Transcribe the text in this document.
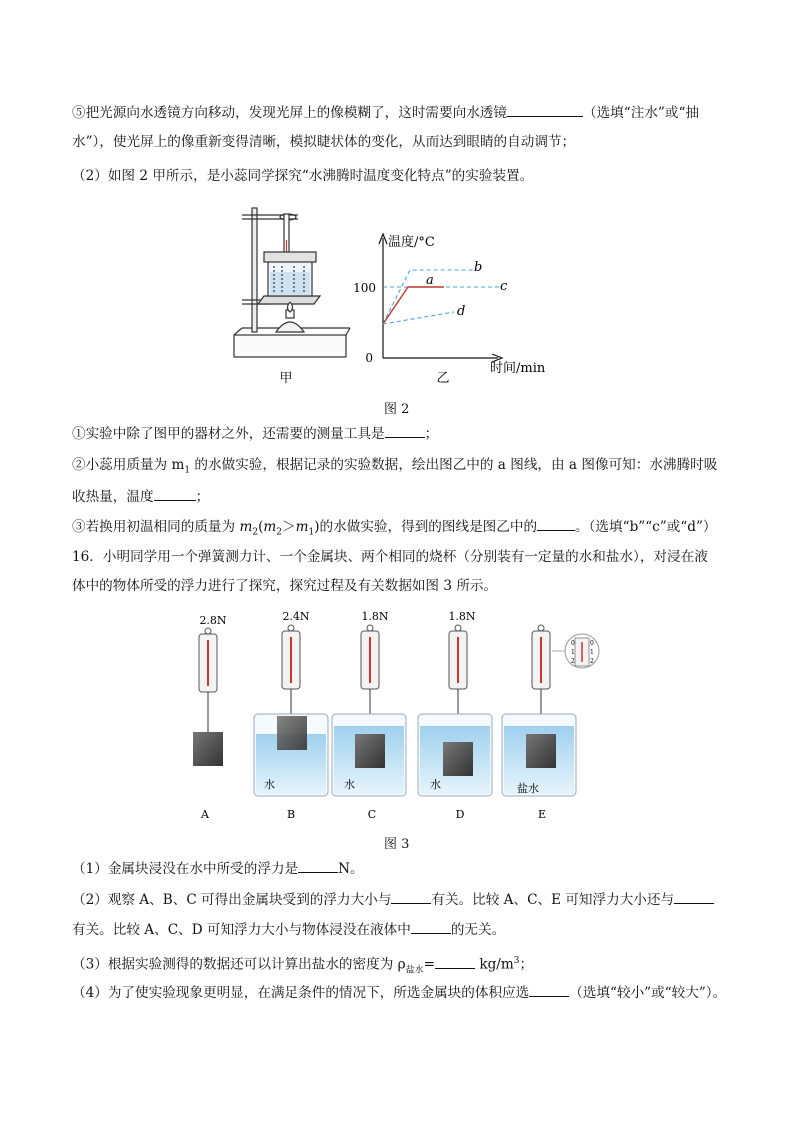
⑤把光源向水透镜方向移动，发现光屏上的像模糊了，这时需要向水透镜	（选填“注水”或“抽
水”），使光屏上的像重新变得清晰，模拟睫状体的变化，从而达到眼睛的自动调节；
（2）如图 2 甲所示，是小蕊同学探究“水沸腾时温度变化特点”的实验装置。
甲
温度/°C
时间/min
100
0
b
a	c
d
乙
图 2
①实验中除了图甲的器材之外，还需要的测量工具是	；
②小蕊用质量为 $m_1$ 的水做实验，根据记录的实验数据，绘出图乙中的 a 图线，由 a 图像可知：水沸腾时吸
收热量，温度	；
③若换用初温相同的质量为 $m_2(m_2>m_1)$的水做实验，得到的图线是图乙中的	。（选填“b”“c”或“d”）
16．小明同学用一个弹簧测力计、一个金属块、两个相同的烧杯（分别装有一定量的水和盐水），对浸在液
体中的物体所受的浮力进行了探究，探究过程及有关数据如图 3 所示。
2.8N
A
2.4N
水
B
1.8N
水
C
1.8N
水
D
0
1
2
0
1
2
盐水
E
图 3
（1）金属块浸没在水中所受的浮力是	N。
（2）观察 A、B、C 可得出金属块受到的浮力大小与	有关。比较 A、C、E 可知浮力大小还与
有关。比较 A、C、D 可知浮力大小与物体浸没在液体中	的无关。
（3）根据实验测得的数据还可以计算出盐水的密度为 $\rho_{盐水}=$	$kg/m^3$；
（4）为了使实验现象更明显，在满足条件的情况下，所选金属块的体积应选	（选填“较小”或“较大”）。
